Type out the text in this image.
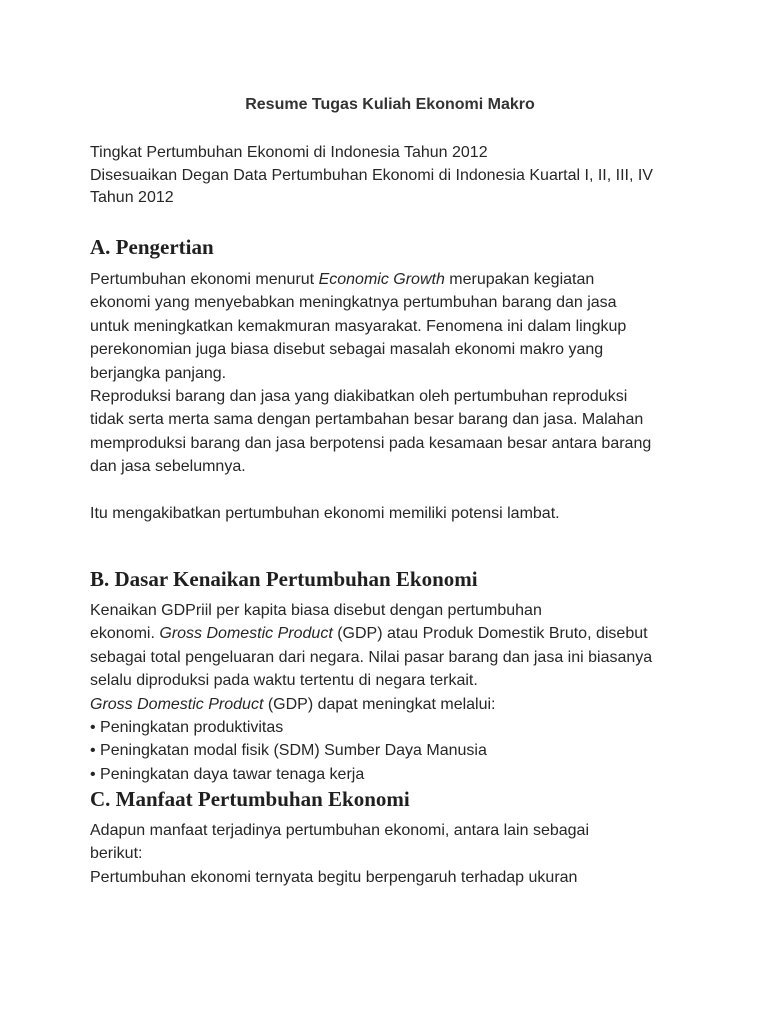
Resume Tugas Kuliah Ekonomi Makro
Tingkat Pertumbuhan Ekonomi di Indonesia Tahun 2012
Disesuaikan Degan Data Pertumbuhan Ekonomi di Indonesia Kuartal I, II, III, IV
Tahun 2012
A. Pengertian
Pertumbuhan ekonomi menurut Economic Growth merupakan kegiatan
ekonomi yang menyebabkan meningkatnya pertumbuhan barang dan jasa
untuk meningkatkan kemakmuran masyarakat. Fenomena ini dalam lingkup
perekonomian juga biasa disebut sebagai masalah ekonomi makro yang
berjangka panjang.
Reproduksi barang dan jasa yang diakibatkan oleh pertumbuhan reproduksi
tidak serta merta sama dengan pertambahan besar barang dan jasa. Malahan
memproduksi barang dan jasa berpotensi pada kesamaan besar antara barang
dan jasa sebelumnya.
Itu mengakibatkan pertumbuhan ekonomi memiliki potensi lambat.
B. Dasar Kenaikan Pertumbuhan Ekonomi
Kenaikan GDPriil per kapita biasa disebut dengan pertumbuhan
ekonomi. Gross Domestic Product (GDP) atau Produk Domestik Bruto, disebut
sebagai total pengeluaran dari negara. Nilai pasar barang dan jasa ini biasanya
selalu diproduksi pada waktu tertentu di negara terkait.
Gross Domestic Product (GDP) dapat meningkat melalui:
• Peningkatan produktivitas
• Peningkatan modal fisik (SDM) Sumber Daya Manusia
• Peningkatan daya tawar tenaga kerja
C. Manfaat Pertumbuhan Ekonomi
Adapun manfaat terjadinya pertumbuhan ekonomi, antara lain sebagai
berikut:
Pertumbuhan ekonomi ternyata begitu berpengaruh terhadap ukuran
